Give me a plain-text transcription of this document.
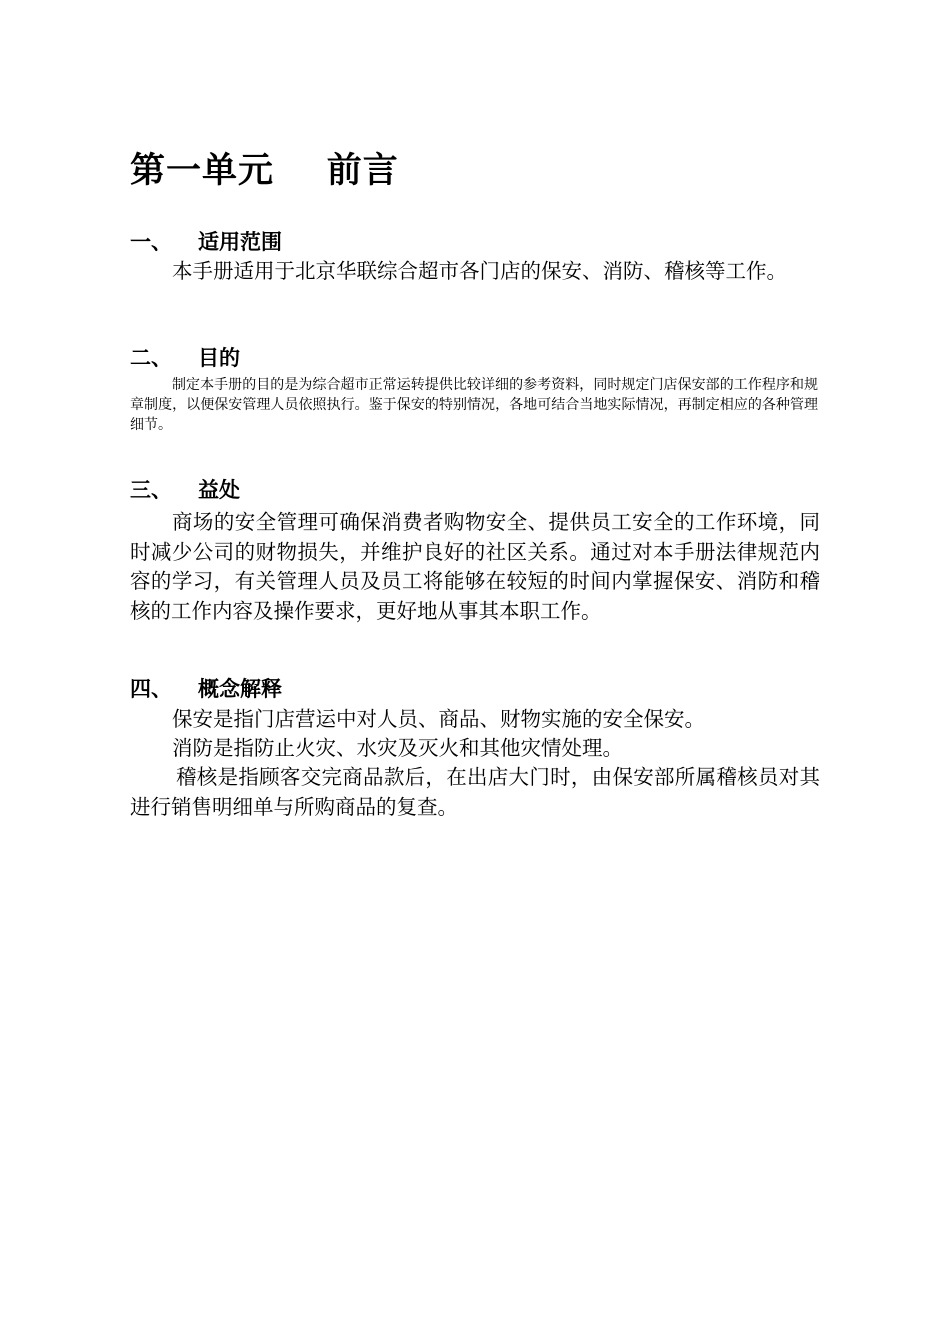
第一单元    前言
一、 适用范围

本手册适用于北京华联综合超市各门店的保安、消防、稽核等工作。

二、 目的

制定本手册的目的是为综合超市正常运转提供比较详细的参考资料，同时规定门店保安部的工作程序和规章制度，以便保安管理人员依照执行。鉴于保安的特别情况，各地可结合当地实际情况，再制定相应的各种管理细节。

三、 益处

商场的安全管理可确保消费者购物安全、提供员工安全的工作环境，同时减少公司的财物损失，并维护良好的社区关系。通过对本手册法律规范内容的学习，有关管理人员及员工将能够在较短的时间内掌握保安、消防和稽核的工作内容及操作要求，更好地从事其本职工作。

四、 概念解释

保安是指门店营运中对人员、商品、财物实施的安全保安。

消防是指防止火灾、水灾及灭火和其他灾情处理。

稽核是指顾客交完商品款后，在出店大门时，由保安部所属稽核员对其进行销售明细单与所购商品的复查。
